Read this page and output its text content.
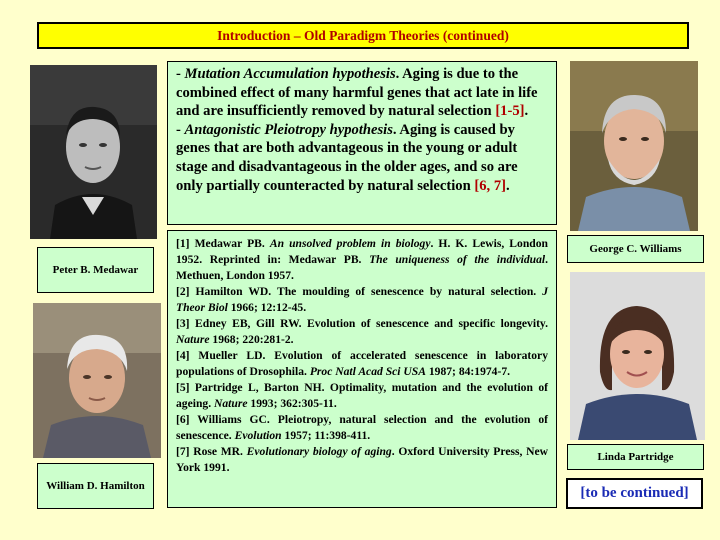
Introduction – Old Paradigm Theories (continued)
Peter B. Medawar
William D. Hamilton

- Mutation Accumulation hypothesis. Aging is due to the combined effect of many harmful genes that act late in life and are insufficiently removed by natural selection [1-5].

- Antagonistic Pleiotropy hypothesis. Aging is caused by genes that are both advantageous in the young or adult stage and disadvantageous in the older ages, and so are only partially counteracted by natural selection [6, 7].

[1] Medawar PB. An unsolved problem in biology. H. K. Lewis, London 1952. Reprinted in: Medawar PB. The uniqueness of the individual. Methuen, London 1957.

[2] Hamilton WD. The moulding of senescence by natural selection. J Theor Biol 1966; 12:12-45.

[3] Edney EB, Gill RW. Evolution of senescence and specific longevity. Nature 1968; 220:281-2.

[4] Mueller LD. Evolution of accelerated senescence in laboratory populations of Drosophila. Proc Natl Acad Sci USA 1987; 84:1974-7.

[5] Partridge L, Barton NH. Optimality, mutation and the evolution of ageing. Nature 1993; 362:305-11.

[6] Williams GC. Pleiotropy, natural selection and the evolution of senescence. Evolution 1957; 11:398-411.

[7] Rose MR. Evolutionary biology of aging. Oxford University Press, New York 1991.

George C. Williams
Linda Partridge
[to be continued]
